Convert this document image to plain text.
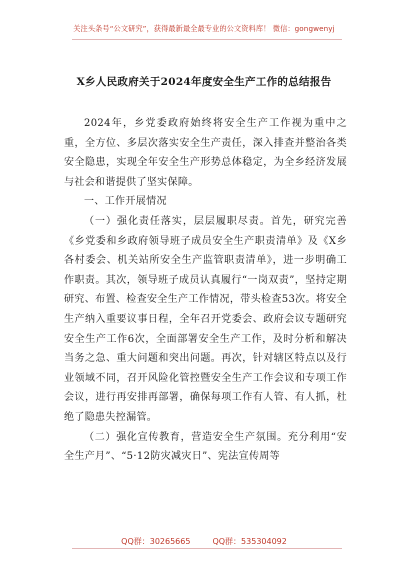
关注头条号“公文研究”，获得最新最全最专业的公文资料库！ 微信：gongwenyj
X乡人民政府关于2024年度安全生产工作的总结报告

2024年，乡党委政府始终将安全生产工作视为重中之重，全方位、多层次落实安全生产责任，深入排查并整治各类安全隐患，实现全年安全生产形势总体稳定，为全乡经济发展与社会和谐提供了坚实保障。

一、工作开展情况

（一）强化责任落实，层层履职尽责。首先，研究完善《乡党委和乡政府领导班子成员安全生产职责清单》及《X乡各村委会、机关站所安全生产监管职责清单》，进一步明确工作职责。其次，领导班子成员认真履行“一岗双责”，坚持定期研究、布置、检查安全生产工作情况，带头检查53次。将安全生产纳入重要议事日程，全年召开党委会、政府会议专题研究安全生产工作6次，全面部署安全生产工作，及时分析和解决当务之急、重大问题和突出问题。再次，针对辖区特点以及行业领域不同，召开风险化管控暨安全生产工作会议和专项工作会议，进行再安排再部署，确保每项工作有人管、有人抓，杜绝了隐患失控漏管。

（二）强化宣传教育，营造安全生产氛围。充分利用“安全生产月”、“5·12防灾减灾日”、宪法宣传周等

QQ群：30265665	QQ群：535304092
